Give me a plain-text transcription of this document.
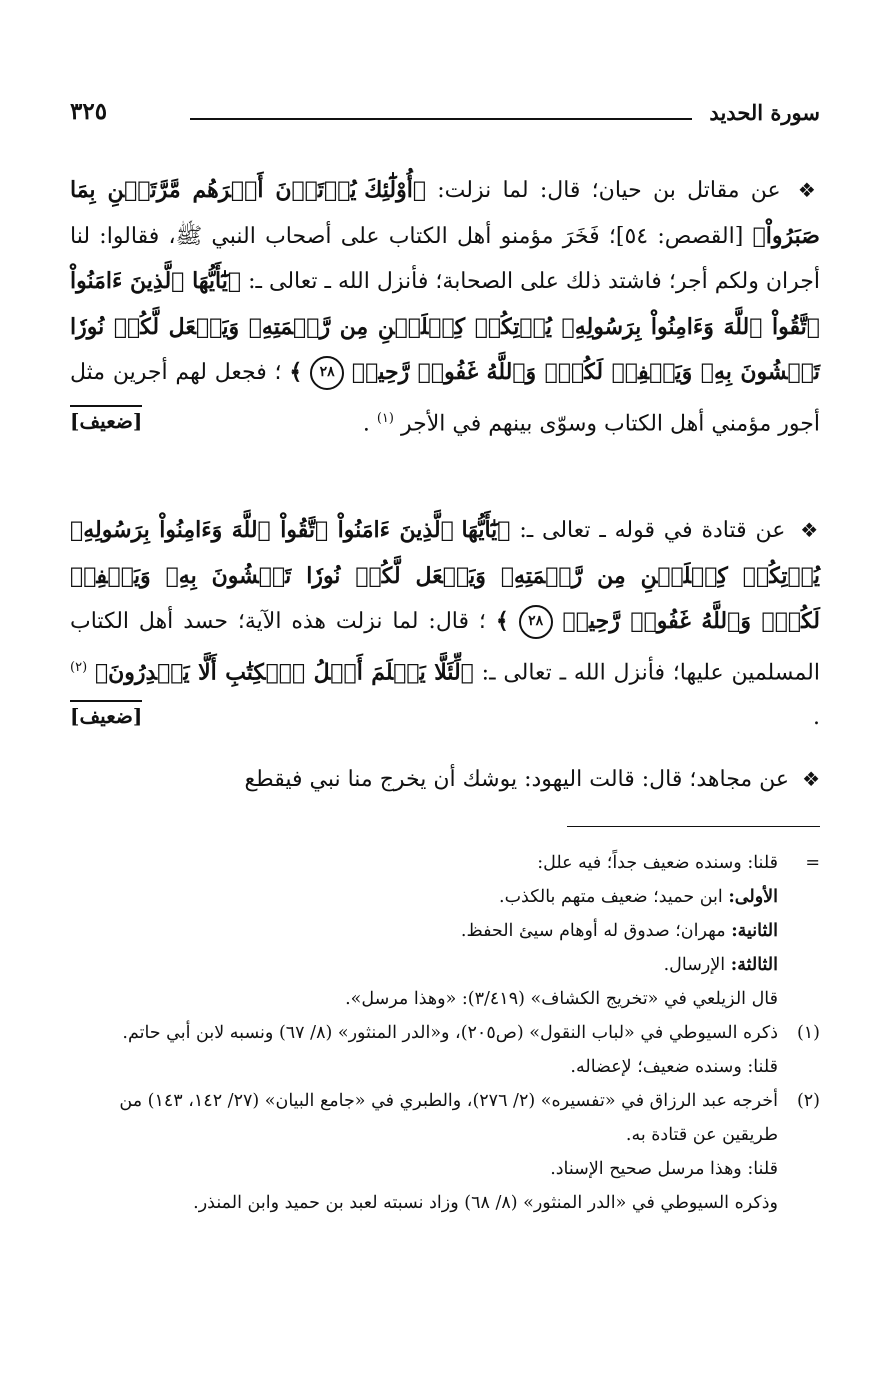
سورة الحديد
٣٢٥

❖ عن مقاتل بن حيان؛ قال: لما نزلت: ﴿أُوْلَٰٓئِكَ يُؤۡتَوۡنَ أَجۡرَهُم مَّرَّتَيۡنِ بِمَا صَبَرُواْ﴾ [القصص: ٥٤]؛ فَخَرَ مؤمنو أهل الكتاب على أصحاب النبي ﷺ، فقالوا: لنا أجران ولكم أجر؛ فاشتد ذلك على الصحابة؛ فأنزل الله ـ تعالى ـ: ﴿يَٰٓأَيُّهَا ٱلَّذِينَ ءَامَنُواْ ٱتَّقُواْ ٱللَّهَ وَءَامِنُواْ بِرَسُولِهِۦ يُؤۡتِكُمۡ كِفۡلَيۡنِ مِن رَّحۡمَتِهِۦ وَيَجۡعَل لَّكُمۡ نُورٗا تَمۡشُونَ بِهِۦ وَيَغۡفِرۡ لَكُمۡۚ وَٱللَّهُ غَفُورٞ رَّحِيمٞ ٢٨ ﴾ ؛ فجعل لهم أجرين مثل أجور مؤمني أهل الكتاب وسوّى بينهم في الأجر $^{(١)}$ .

[ضعيف]

❖ عن قتادة في قوله ـ تعالى ـ: ﴿يَٰٓأَيُّهَا ٱلَّذِينَ ءَامَنُواْ ٱتَّقُواْ ٱللَّهَ وَءَامِنُواْ بِرَسُولِهِۦ يُؤۡتِكُمۡ كِفۡلَيۡنِ مِن رَّحۡمَتِهِۦ وَيَجۡعَل لَّكُمۡ نُورٗا تَمۡشُونَ بِهِۦ وَيَغۡفِرۡ لَكُمۡۚ وَٱللَّهُ غَفُورٞ رَّحِيمٞ ٢٨ ﴾ ؛ قال: لما نزلت هذه الآية؛ حسد أهل الكتاب المسلمين عليها؛ فأنزل الله ـ تعالى ـ: ﴿لِّئَلَّا يَعۡلَمَ أَهۡلُ ٱلۡكِتَٰبِ أَلَّا يَقۡدِرُونَ﴾ $^{(٢)}$ .

[ضعيف]

❖ عن مجاهد؛ قال: قالت اليهود: يوشك أن يخرج منا نبي فيقطع

=
قلنا: وسنده ضعيف جداً؛ فيه علل:

الأولى: ابن حميد؛ ضعيف متهم بالكذب.

الثانية: مهران؛ صدوق له أوهام سيئ الحفظ.

الثالثة: الإرسال.

قال الزيلعي في «تخريج الكشاف» (٣/٤١٩): «وهذا مرسل».

(١)
ذكره السيوطي في «لباب النقول» (ص٢٠٥)، و«الدر المنثور» (٨/ ٦٧) ونسبه لابن أبي حاتم.

قلنا: وسنده ضعيف؛ لإعضاله.

(٢)
أخرجه عبد الرزاق في «تفسيره» (٢/ ٢٧٦)، والطبري في «جامع البيان» (٢٧/ ١٤٢، ١٤٣) من طريقين عن قتادة به.

قلنا: وهذا مرسل صحيح الإسناد.

وذكره السيوطي في «الدر المنثور» (٨/ ٦٨) وزاد نسبته لعبد بن حميد وابن المنذر.
